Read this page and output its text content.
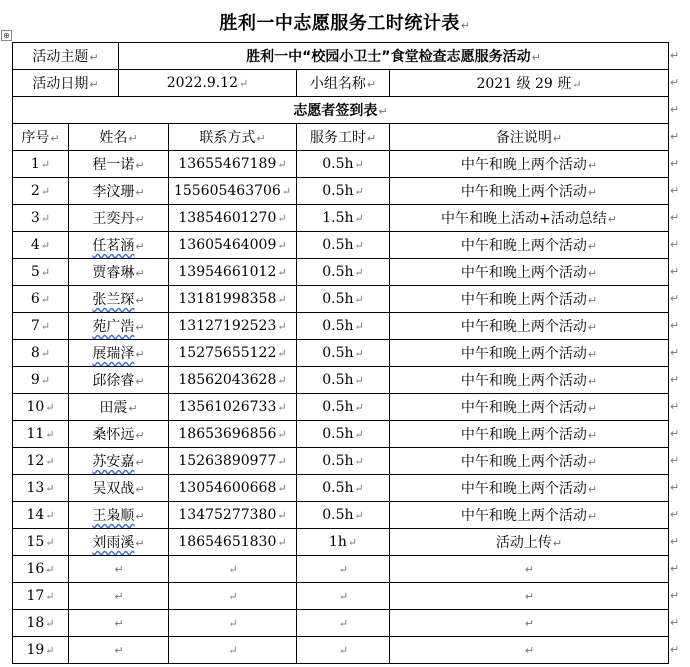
⊕
胜利一中志愿服务工时统计表↵
活动主题↵		胜利一中“校园小卫士”食堂检查志愿服务活动↵			
活动日期↵		2022.9.12↵		小组名称↵	2021 级 29 班↵
志愿者签到表↵					
序号↵	姓名↵		联系方式↵	服务工时↵	备注说明↵
1↵	程一诺↵		13655467189↵	0.5h↵	中午和晚上两个活动↵
2↵	李汶珊↵		155605463706↵	0.5h↵	中午和晚上两个活动↵
3↵	王奕丹↵		13854601270↵	1.5h↵	中午和晚上活动+活动总结↵
4↵	任茗涵↵		13605464009↵	0.5h↵	中午和晚上两个活动↵
5↵	贾睿琳↵		13954661012↵	0.5h↵	中午和晚上两个活动↵
6↵	张兰琛↵		13181998358↵	0.5h↵	中午和晚上两个活动↵
7↵	苑广浩↵		13127192523↵	0.5h↵	中午和晚上两个活动↵
8↵	展瑞泽↵		15275655122↵	0.5h↵	中午和晚上两个活动↵
9↵	邱徐睿↵		18562043628↵	0.5h↵	中午和晚上两个活动↵
10↵	田震↵		13561026733↵	0.5h↵	中午和晚上两个活动↵
11↵	桑怀远↵		18653696856↵	0.5h↵	中午和晚上两个活动↵
12↵	苏安嘉↵		15263890977↵	0.5h↵	中午和晚上两个活动↵
13↵	吴双战↵		13054600668↵	0.5h↵	中午和晚上两个活动↵
14↵	王枭顺↵		13475277380↵	0.5h↵	中午和晚上两个活动↵
15↵	刘雨溪↵		18654651830↵	1h↵	活动上传↵
16↵	↵		↵	↵	↵
17↵	↵		↵	↵	↵
18↵	↵		↵	↵	↵
19↵	↵		↵	↵	↵
↵
↵
↵
↵
↵
↵
↵
↵
↵
↵
↵
↵
↵
↵
↵
↵
↵
↵
↵
↵
↵
↵
↵
